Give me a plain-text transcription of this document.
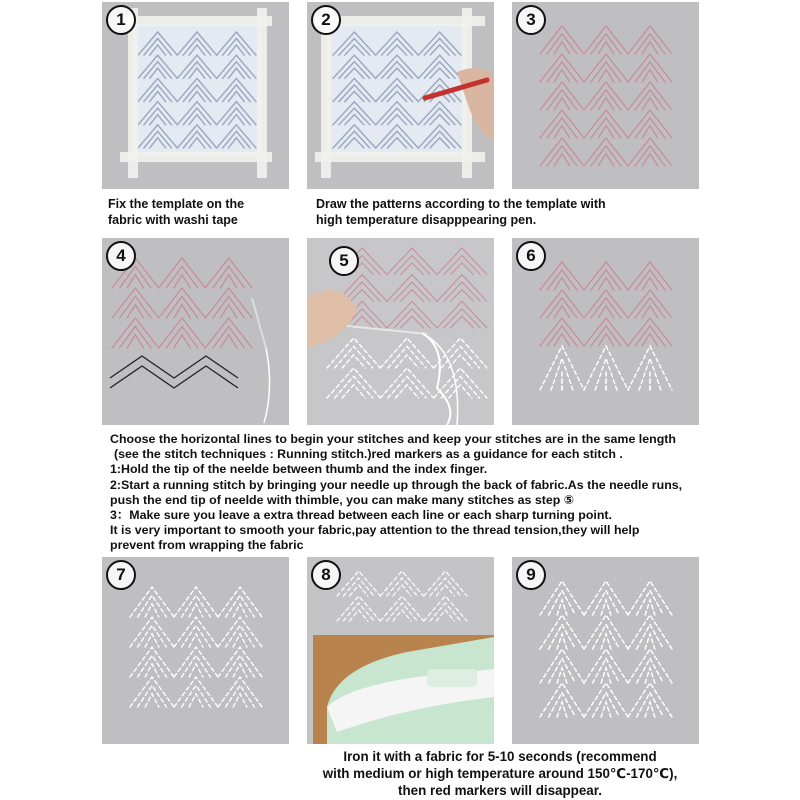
1
Fix the template on the
fabric with washi tape
2
Draw the patterns according to the template with
high temperature disapppearing pen.
3
4	5	6
Choose the horizontal lines to begin your stitches and keep your stitches are in the same length
(see the stitch techniques : Running stitch.)red markers as a guidance for each stitch .
1:Hold the tip of the neelde between thumb and the index finger.
2:Start a running stitch by bringing your needle up through the back of fabric.As the needle runs,
push the end tip of neelde with thimble, you can make many stitches as step ⑤
3：Make sure you leave a extra thread between each line or each sharp turning point.
It is very important to smooth your fabric,pay attention to the thread tension,they will help
prevent from wrapping the fabric
7	8	9
Iron it with a fabric for 5-10 seconds (recommend
with medium or high temperature around 150℃-170℃),
then red markers will disappear.
